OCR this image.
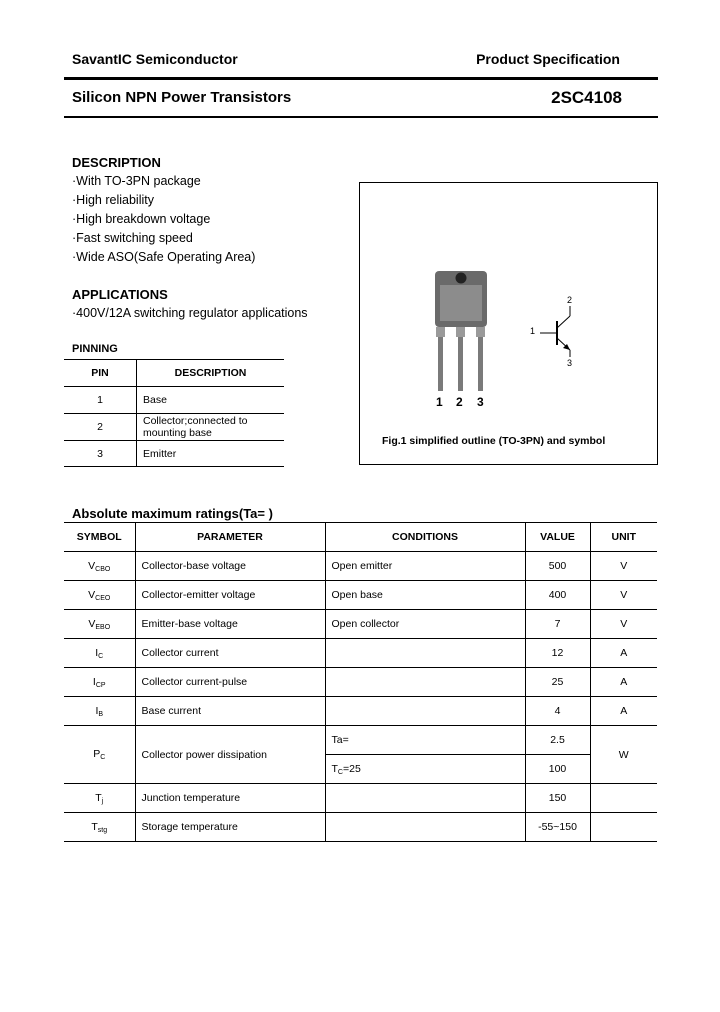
SavantIC Semiconductor	Product Specification
Silicon NPN Power Transistors	2SC4108
DESCRIPTION
·With TO-3PN package
·High reliability
·High breakdown voltage
·Fast switching speed
·Wide ASO(Safe Operating Area)
APPLICATIONS
·400V/12A switching regulator applications
PINNING
PIN	DESCRIPTION
1	Base
2	Collector;connected to mounting base
3	Emitter
1 2 3
2
1
3
Fig.1 simplified outline (TO-3PN) and symbol
Absolute maximum ratings(Ta= )
SYMBOL	PARAMETER	CONDITIONS	VALUE	UNIT
$V_{CBO}$	Collector-base voltage	Open emitter	500	V
$V_{CEO}$	Collector-emitter voltage	Open base	400	V
$V_{EBO}$	Emitter-base voltage	Open collector	7	V
$I_C$	Collector current		12	A
$I_{CP}$	Collector current-pulse		25	A
$I_B$	Base current		4	A
$P_C$	Collector power dissipation	Ta=	2.5	W
		$T_C=25$	100	
$T_j$	Junction temperature		150	
$T_{stg}$	Storage temperature		-55~150	
